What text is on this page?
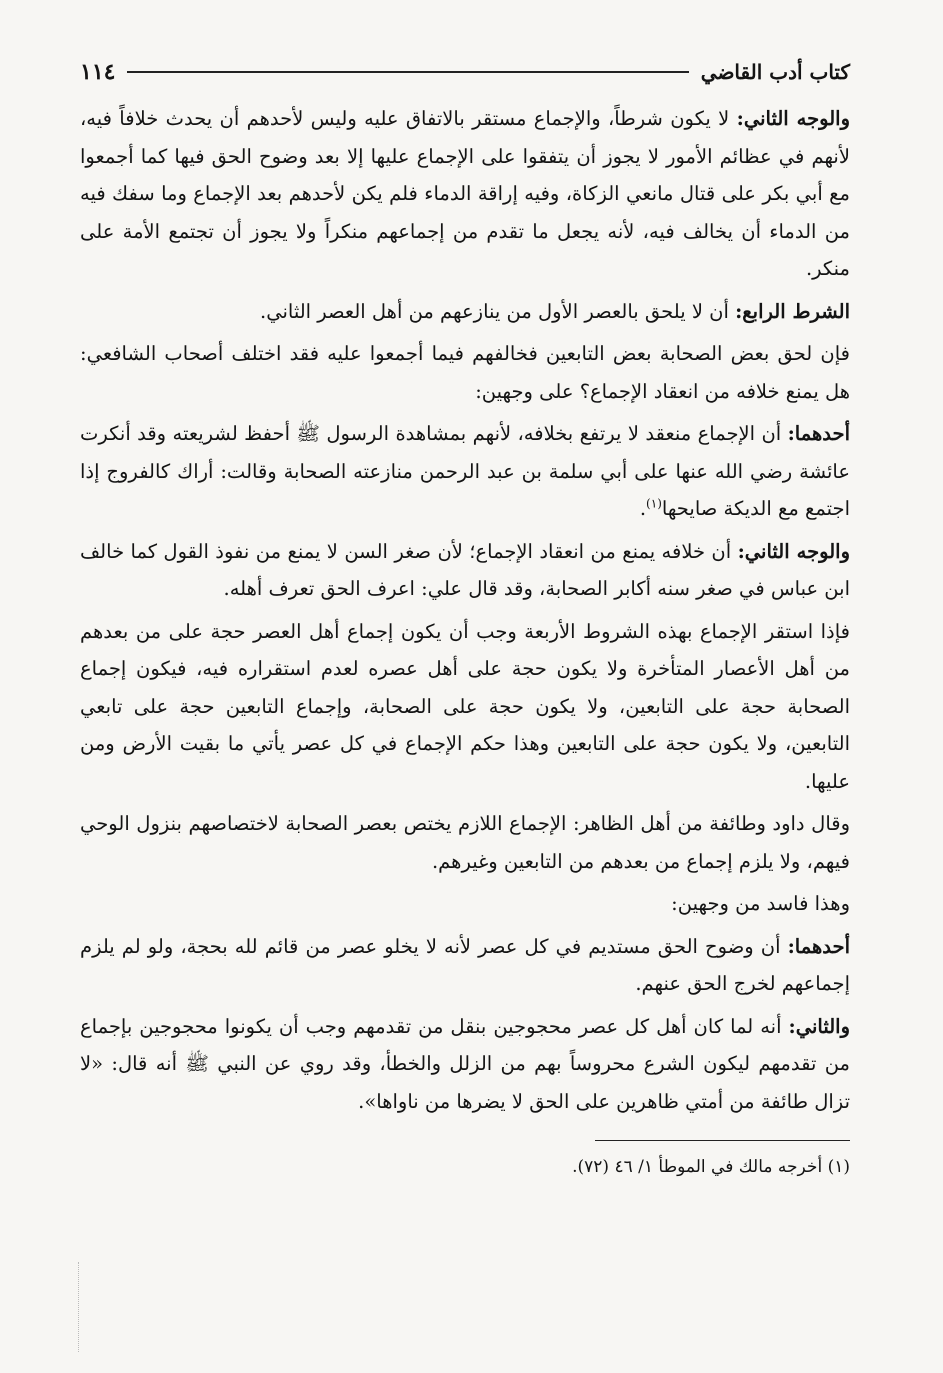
كتاب أدب القاضي
١١٤

والوجه الثاني: لا يكون شرطاً، والإجماع مستقر بالاتفاق عليه وليس لأحدهم أن يحدث خلافاً فيه، لأنهم في عظائم الأمور لا يجوز أن يتفقوا على الإجماع عليها إلا بعد وضوح الحق فيها كما أجمعوا مع أبي بكر على قتال مانعي الزكاة، وفيه إراقة الدماء فلم يكن لأحدهم بعد الإجماع وما سفك فيه من الدماء أن يخالف فيه، لأنه يجعل ما تقدم من إجماعهم منكراً ولا يجوز أن تجتمع الأمة على منكر.

الشرط الرابع: أن لا يلحق بالعصر الأول من ينازعهم من أهل العصر الثاني.

فإن لحق بعض الصحابة بعض التابعين فخالفهم فيما أجمعوا عليه فقد اختلف أصحاب الشافعي: هل يمنع خلافه من انعقاد الإجماع؟ على وجهين:

أحدهما: أن الإجماع منعقد لا يرتفع بخلافه، لأنهم بمشاهدة الرسول ﷺ أحفظ لشريعته وقد أنكرت عائشة رضي الله عنها على أبي سلمة بن عبد الرحمن منازعته الصحابة وقالت: أراك كالفروج إذا اجتمع مع الديكة صايحها$^{(١)}$.

والوجه الثاني: أن خلافه يمنع من انعقاد الإجماع؛ لأن صغر السن لا يمنع من نفوذ القول كما خالف ابن عباس في صغر سنه أكابر الصحابة، وقد قال علي: اعرف الحق تعرف أهله.

فإذا استقر الإجماع بهذه الشروط الأربعة وجب أن يكون إجماع أهل العصر حجة على من بعدهم من أهل الأعصار المتأخرة ولا يكون حجة على أهل عصره لعدم استقراره فيه، فيكون إجماع الصحابة حجة على التابعين، ولا يكون حجة على الصحابة، وإجماع التابعين حجة على تابعي التابعين، ولا يكون حجة على التابعين وهذا حكم الإجماع في كل عصر يأتي ما بقيت الأرض ومن عليها.

وقال داود وطائفة من أهل الظاهر: الإجماع اللازم يختص بعصر الصحابة لاختصاصهم بنزول الوحي فيهم، ولا يلزم إجماع من بعدهم من التابعين وغيرهم.

وهذا فاسد من وجهين:

أحدهما: أن وضوح الحق مستديم في كل عصر لأنه لا يخلو عصر من قائم لله بحجة، ولو لم يلزم إجماعهم لخرج الحق عنهم.

والثاني: أنه لما كان أهل كل عصر محجوجين بنقل من تقدمهم وجب أن يكونوا محجوجين بإجماع من تقدمهم ليكون الشرع محروساً بهم من الزلل والخطأ، وقد روي عن النبي ﷺ أنه قال: «لا تزال طائفة من أمتي ظاهرين على الحق لا يضرها من ناواها».

(١) أخرجه مالك في الموطأ ١/ ٤٦ (٧٢).
